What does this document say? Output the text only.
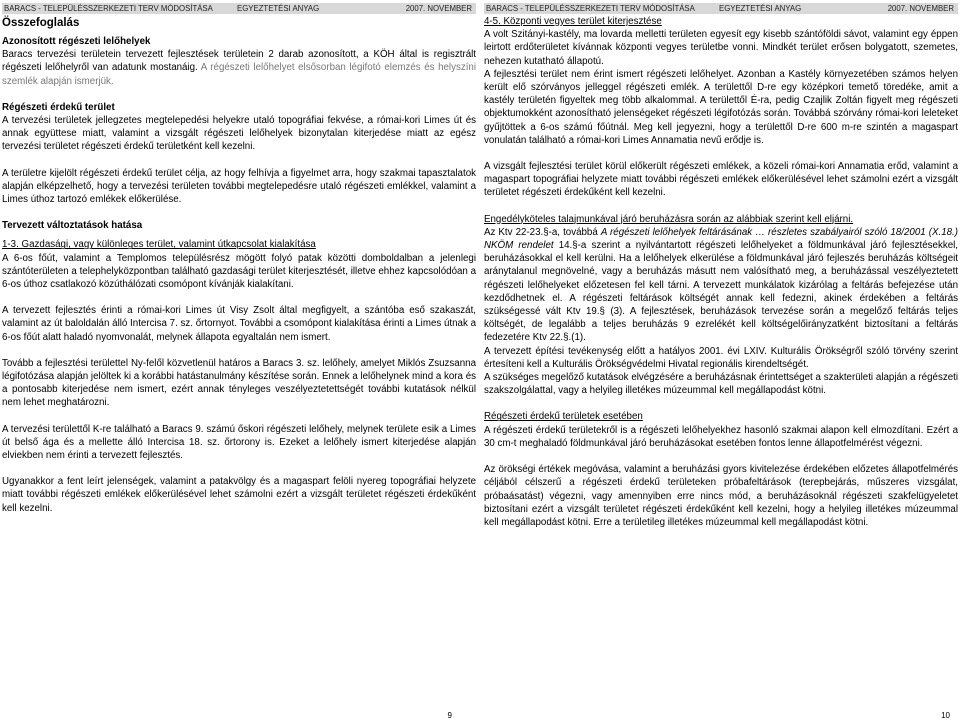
BARACS - TELEPÜLÉSSZERKEZETI TERV MÓDOSÍTÁSA	EGYEZTETÉSI ANYAG	2007. NOVEMBER
Összefoglalás

Azonosított régészeti lelőhelyek

Baracs tervezési területein tervezett fejlesztések területein 2 darab azonosított, a KÖH által is regisztrált régészeti lelőhelyről van adatunk mostanáig. A régészeti lelőhelyet elsősorban légifotó elemzés és helyszíni szemlék alapján ismerjük.

Régészeti érdekű terület

A tervezési területek jellegzetes megtelepedési helyekre utaló topográfiai fekvése, a római-kori Limes út és annak együttese miatt, valamint a vizsgált régészeti lelőhelyek bizonytalan kiterjedése miatt az egész tervezési területet régészeti érdekű területként kell kezelni.

A területre kijelölt régészeti érdekű terület célja, az hogy felhívja a figyelmet arra, hogy szakmai tapasztalatok alapján elképzelhető, hogy a tervezési területen további megtelepedésre utaló régészeti emlékkel, valamint a Limes úthoz tartozó emlékek előkerülése.

Tervezett változtatások hatása

1-3. Gazdasági, vagy különleges terület, valamint útkapcsolat kialakítása

A 6-os főút, valamint a Templomos településrész mögött folyó patak közötti domboldalban a jelenlegi szántóterületen a telephelyközpontban található gazdasági terület kiterjesztését, illetve ehhez kapcsolódóan a 6-os úthoz csatlakozó közúthálózati csomópont kívánják kialakítani.

A tervezett fejlesztés érinti a római-kori Limes út Visy Zsolt által megfigyelt, a szántóba eső szakaszát, valamint az út baloldalán álló Intercisa 7. sz. őrtornyot. További a csomópont kialakítása érinti a Limes útnak a 6-os főút alatt haladó nyomvonalát, melynek állapota egyaltalán nem ismert.

Tovább a fejlesztési területtel Ny-felől közvetlenül határos a Baracs 3. sz. lelőhely, amelyet Miklós Zsuzsanna légifotózása alapján jelöltek ki a korábbi hatástanulmány készítése során. Ennek a lelőhelynek mind a kora és a pontosabb kiterjedése nem ismert, ezért annak tényleges veszélyeztetettségét további kutatások nélkül nem lehet meghatározni.

A tervezési területtől K-re található a Baracs 9. számú őskori régészeti lelőhely, melynek területe esik a Limes út belső ága és a mellette álló Intercisa 18. sz. őrtorony is. Ezeket a lelőhely ismert kiterjedése alapján elviekben nem érinti a tervezett fejlesztés.

Ugyanakkor a fent leírt jelenségek, valamint a patakvölgy és a magaspart felöli nyereg topográfiai helyzete miatt további régészeti emlékek előkerülésével lehet számolni ezért a vizsgált területet régészeti érdekűként kell kezelni.

9
BARACS - TELEPÜLÉSSZERKEZETI TERV MÓDOSÍTÁSA	EGYEZTETÉSI ANYAG	2007. NOVEMBER

4-5. Központi vegyes terület kiterjesztése

A volt Szitányi-kastély, ma lovarda melletti területen egyesít egy kisebb szántóföldi sávot, valamint egy éppen leirtott erdőterületet kívánnak központi vegyes területbe vonni. Mindkét terület erősen bolygatott, szemetes, nehezen kutatható állapotú.

A fejlesztési terület nem érint ismert régészeti lelőhelyet. Azonban a Kastély környezetében számos helyen került elő szórványos jelleggel régészeti emlék. A területtől D-re egy középkori temető töredéke, amit a kastély területén figyeltek meg több alkalommal. A területtől É-ra, pedig Czajlik Zoltán figyelt meg régészeti objektumokként azonosítható jelenségeket régészeti légifotózás során. Továbbá szórvány római-kori leleteket gyűjtöttek a 6-os számú főútnál. Meg kell jegyezni, hogy a területtől D-re 600 m-re szintén a magaspart vonulatán található a római-kori Limes Annamatia nevű erődje is.

A vizsgált fejlesztési terület körül előkerült régészeti emlékek, a közeli római-kori Annamatia erőd, valamint a magaspart topográfiai helyzete miatt további régészeti emlékek előkerülésével lehet számolni ezért a vizsgált területet régészeti érdekűként kell kezelni.

Engedélyköteles talajmunkával járó beruházásra során az alábbiak szerint kell eljárni.

Az Ktv 22-23.§-a, továbbá A régészeti lelőhelyek feltárásának … részletes szabályairól szóló 18/2001 (X.18.) NKÖM rendelet 14.§-a szerint a nyilvántartott régészeti lelőhelyeket a földmunkával járó fejlesztésekkel, beruházásokkal el kell kerülni. Ha a lelőhelyek elkerülése a földmunkával járó fejleszés beruházás költségeit aránytalanul megnövelné, vagy a beruházás másutt nem valósítható meg, a beruházással veszélyeztetett régészeti lelőhelyeket előzetesen fel kell tárni. A tervezett munkálatok kizárólag a feltárás befejezése után kezdődhetnek el. A régészeti feltárások költségét annak kell fedezni, akinek érdekében a feltárás szükségessé vált Ktv 19.§ (3). A fejlesztések, beruházások tervezése során a megelőző feltárás teljes költségét, de legalább a teljes beruházás 9 ezrelékét kell költségelőirányzatként biztosítani a feltárás fedezetére Ktv 22.§.(1).

A tervezett építési tevékenység előtt a hatályos 2001. évi LXIV. Kulturális Örökségről szóló törvény szerint értesíteni kell a Kulturális Örökségvédelmi Hivatal regionális kirendeltségét.

A szükséges megelőző kutatások elvégzésére a beruházásnak érintettséget a szakterületi alapján a régészeti szakszolgálattal, vagy a helyileg illetékes múzeummal kell megállapodást kötni.

Régészeti érdekű területek esetében

A régészeti érdekű területekről is a régészeti lelőhelyekhez hasonló szakmai alapon kell elmozdítani. Ezért a 30 cm-t meghaladó földmunkával járó beruházásokat esetében fontos lenne állapotfelmérést végezni.

Az örökségi értékek megóvása, valamint a beruházási gyors kivitelezése érdekében előzetes állapotfelmérés céljából célszerű a régészeti érdekű területeken próbafeltárások (terepbejárás, műszeres vizsgálat, próbaásatást) végezni, vagy amennyiben erre nincs mód, a beruházásoknál régészeti szakfelügyeletet biztosítani ezért a vizsgált területet régészeti érdekűként kell kezelni, hogy a helyileg illetékes múzeummal kell megállapodást kötni. Erre a területileg illetékes múzeummal kell megállapodást kötni.

10
